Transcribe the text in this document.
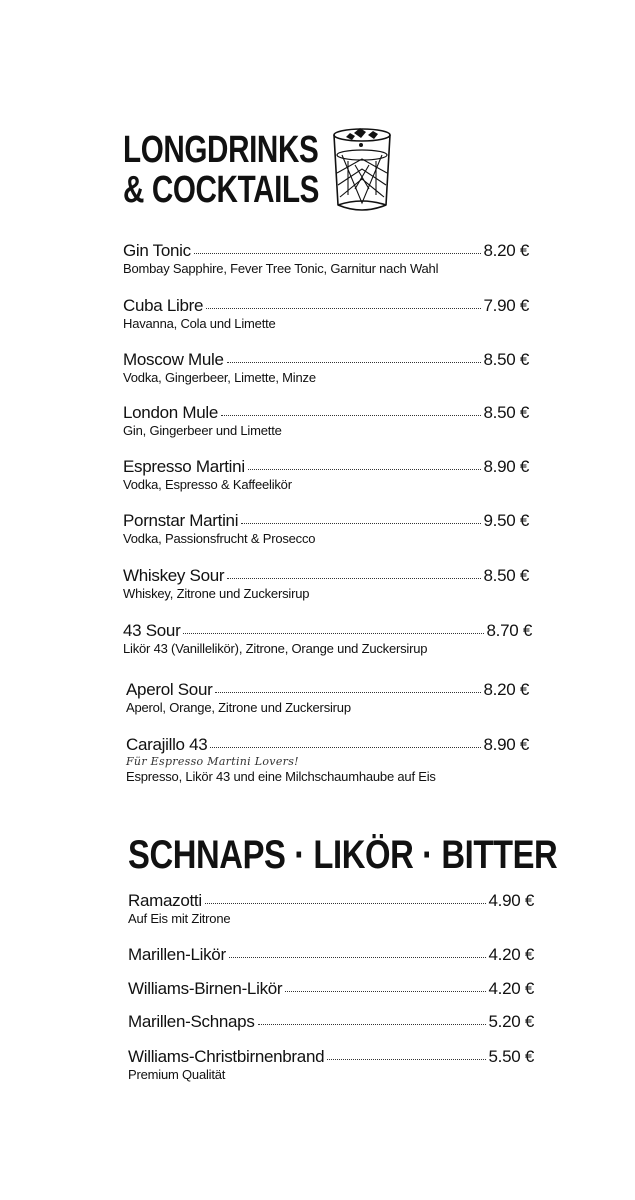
LONGDRINKS
& COCKTAILS
SCHNAPS · LIKÖR · BITTER
Gin Tonic	8.20 €
Bombay Sapphire, Fever Tree Tonic, Garnitur nach Wahl
Cuba Libre	7.90 €
Havanna, Cola und Limette
Moscow Mule	8.50 €
Vodka, Gingerbeer, Limette, Minze
London Mule	8.50 €
Gin, Gingerbeer und Limette
Espresso Martini	8.90 €
Vodka, Espresso & Kaffeelikör
Pornstar Martini	9.50 €
Vodka, Passionsfrucht & Prosecco
Whiskey Sour	8.50 €
Whiskey, Zitrone und Zuckersirup
43 Sour	8.70 €
Likör 43 (Vanillelikör), Zitrone, Orange und Zuckersirup
Aperol Sour	8.20 €
Aperol, Orange, Zitrone und Zuckersirup
Carajillo 43	8.90 €
Für Espresso Martini Lovers!
Espresso, Likör 43 und eine Milchschaumhaube auf Eis
Ramazotti	4.90 €
Auf Eis mit Zitrone
Marillen-Likör	4.20 €
Williams-Birnen-Likör	4.20 €
Marillen-Schnaps	5.20 €
Williams-Christbirnenbrand	5.50 €
Premium Qualität
